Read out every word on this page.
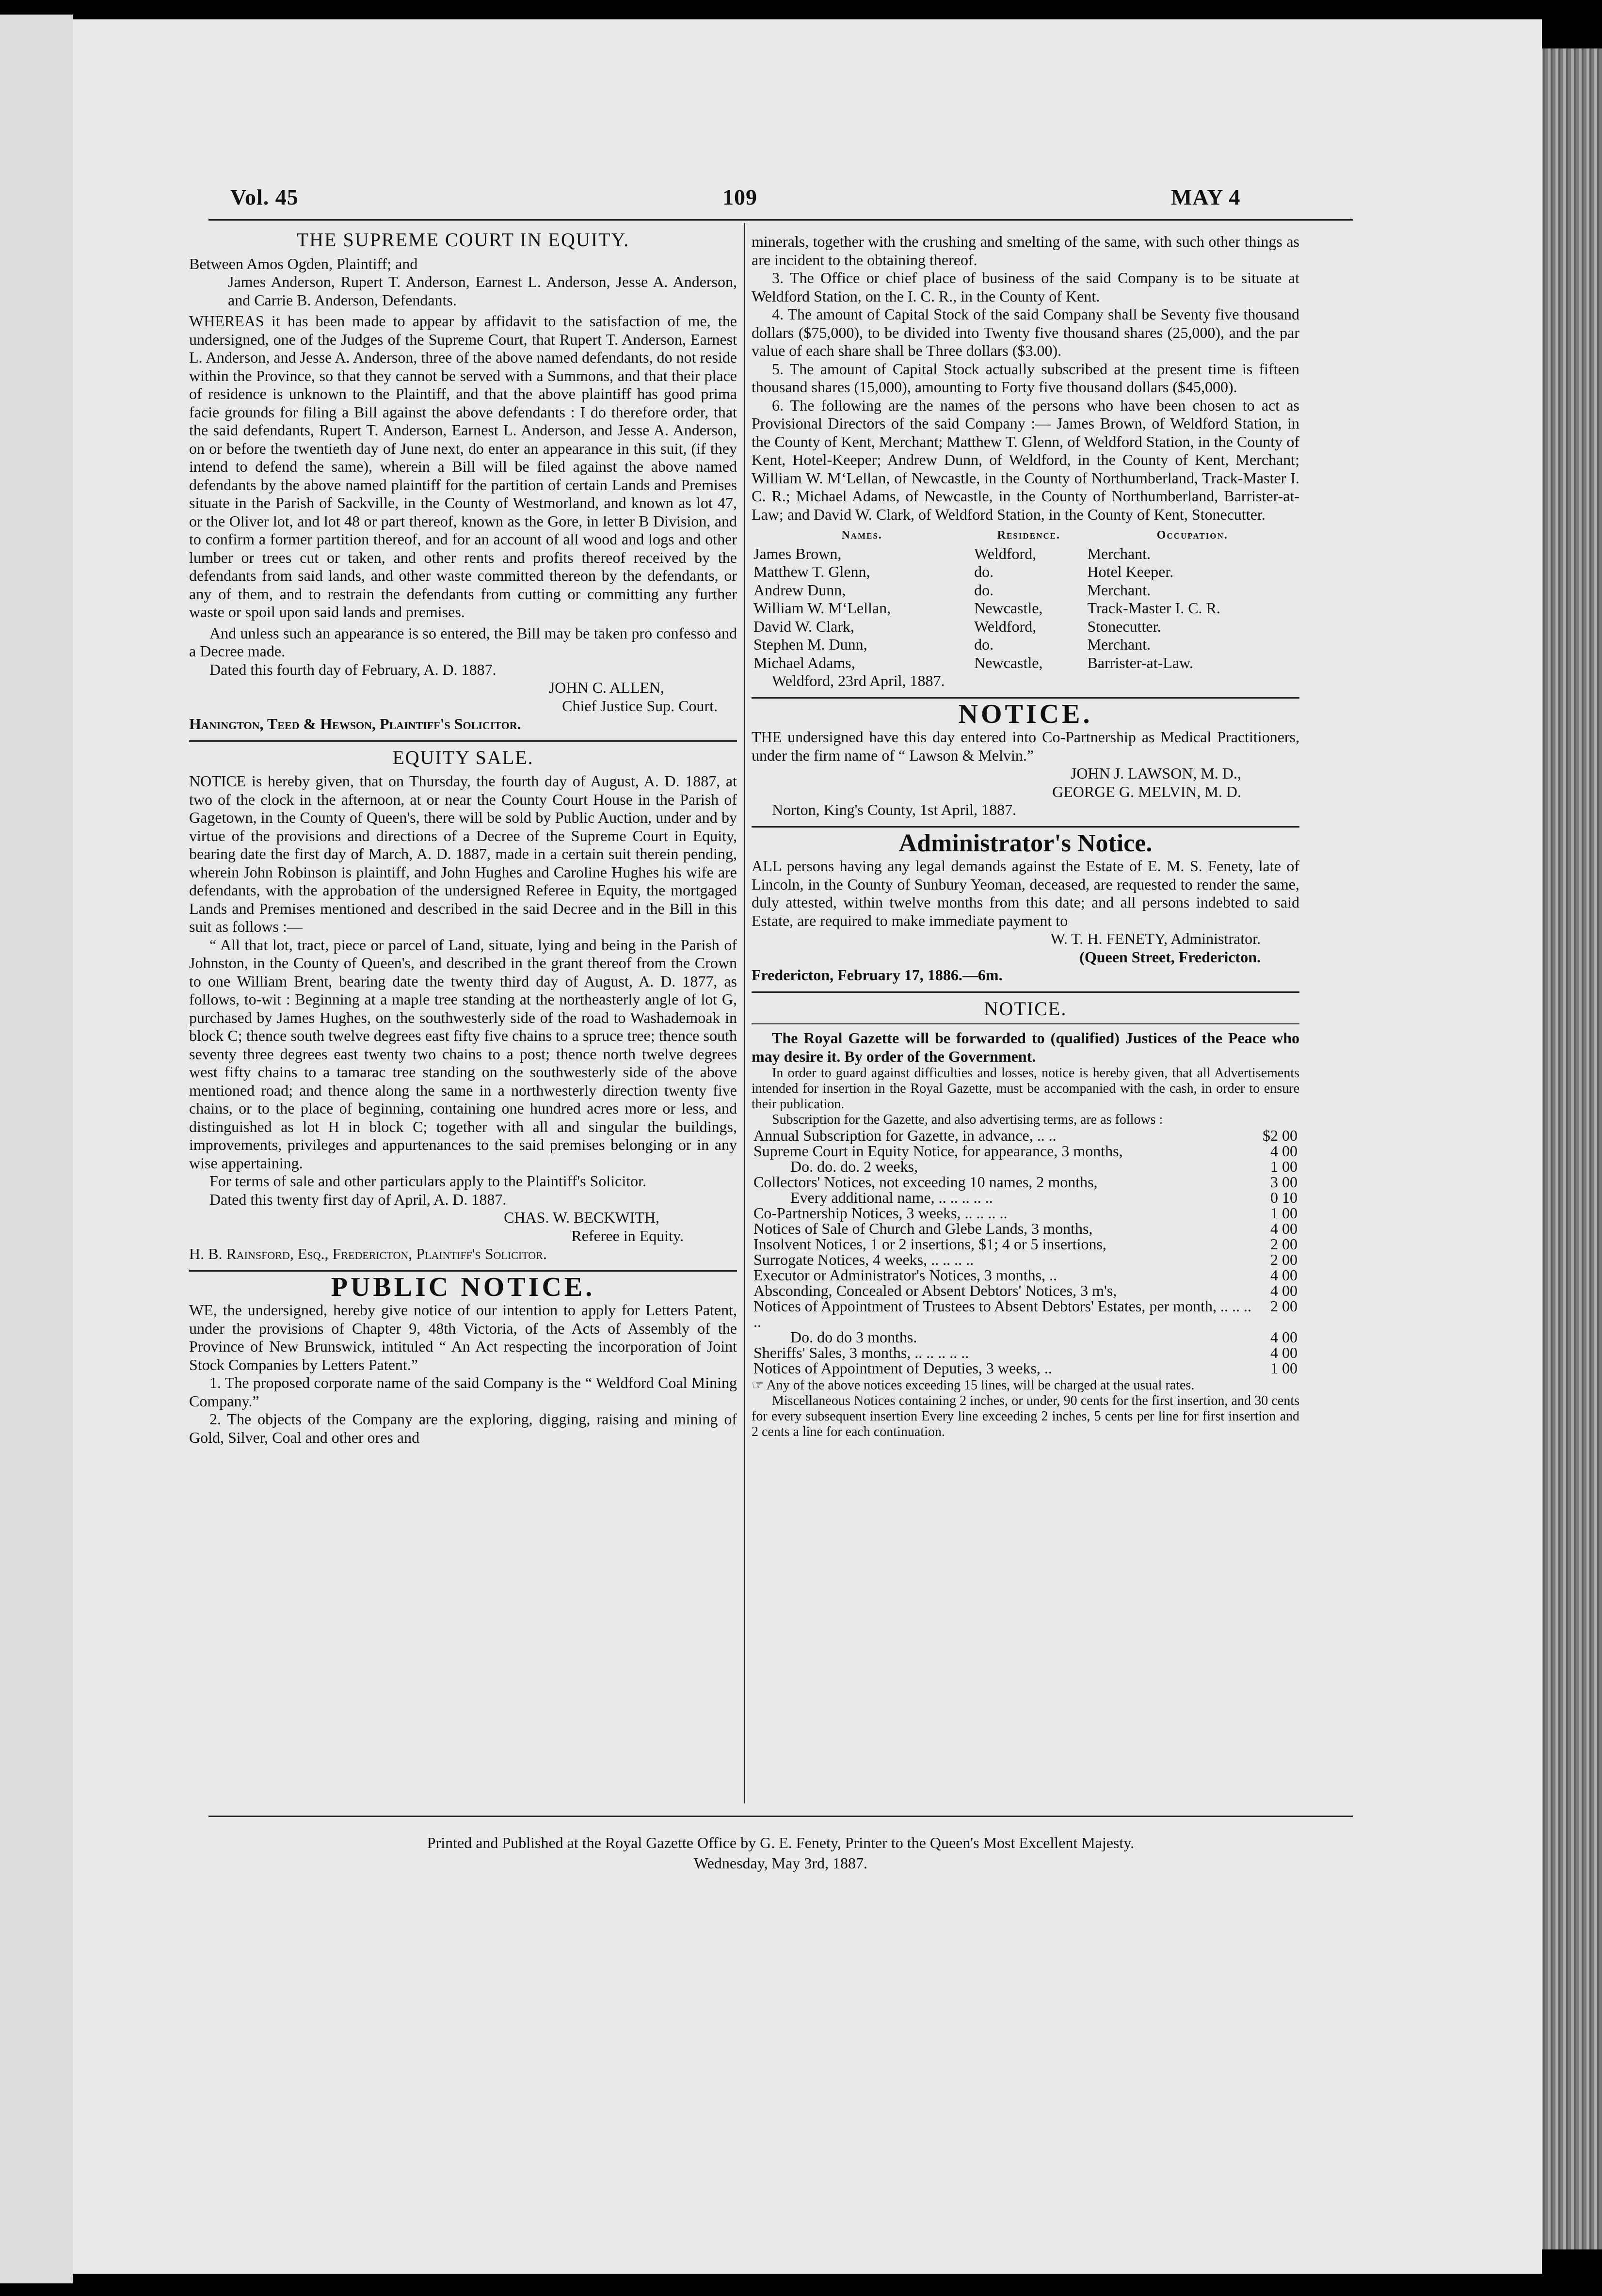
Vol. 45	109	MAY 4
THE SUPREME COURT IN EQUITY.

Between Amos Ogden, Plaintiff; and

James Anderson, Rupert T. Anderson, Earnest L. Anderson, Jesse A. Anderson, and Carrie B. Anderson, Defendants.

WHEREAS it has been made to appear by affidavit to the satisfaction of me, the undersigned, one of the Judges of the Supreme Court, that Rupert T. Anderson, Earnest L. Anderson, and Jesse A. Anderson, three of the above named defendants, do not reside within the Province, so that they cannot be served with a Summons, and that their place of residence is unknown to the Plaintiff, and that the above plaintiff has good prima facie grounds for filing a Bill against the above defendants : I do therefore order, that the said defendants, Rupert T. Anderson, Earnest L. Anderson, and Jesse A. Anderson, on or before the twentieth day of June next, do enter an appearance in this suit, (if they intend to defend the same), wherein a Bill will be filed against the above named defendants by the above named plaintiff for the partition of certain Lands and Premises situate in the Parish of Sackville, in the County of Westmorland, and known as lot 47, or the Oliver lot, and lot 48 or part thereof, known as the Gore, in letter B Division, and to confirm a former partition thereof, and for an account of all wood and logs and other lumber or trees cut or taken, and other rents and profits thereof received by the defendants from said lands, and other waste committed thereon by the defendants, or any of them, and to restrain the defendants from cutting or committing any further waste or spoil upon said lands and premises.

And unless such an appearance is so entered, the Bill may be taken pro confesso and a Decree made.

Dated this fourth day of February, A. D. 1887.

JOHN C. ALLEN,
Chief Justice Sup. Court.
Hanington, Teed & Hewson, Plaintiff's Solicitor.
EQUITY SALE.

NOTICE is hereby given, that on Thursday, the fourth day of August, A. D. 1887, at two of the clock in the afternoon, at or near the County Court House in the Parish of Gagetown, in the County of Queen's, there will be sold by Public Auction, under and by virtue of the provisions and directions of a Decree of the Supreme Court in Equity, bearing date the first day of March, A. D. 1887, made in a certain suit therein pending, wherein John Robinson is plaintiff, and John Hughes and Caroline Hughes his wife are defendants, with the approbation of the undersigned Referee in Equity, the mortgaged Lands and Premises mentioned and described in the said Decree and in the Bill in this suit as follows :—

“ All that lot, tract, piece or parcel of Land, situate, lying and being in the Parish of Johnston, in the County of Queen's, and described in the grant thereof from the Crown to one William Brent, bearing date the twenty third day of August, A. D. 1877, as follows, to-wit : Beginning at a maple tree standing at the northeasterly angle of lot G, purchased by James Hughes, on the southwesterly side of the road to Washademoak in block C; thence south twelve degrees east fifty five chains to a spruce tree; thence south seventy three degrees east twenty two chains to a post; thence north twelve degrees west fifty chains to a tamarac tree standing on the southwesterly side of the above mentioned road; and thence along the same in a northwesterly direction twenty five chains, or to the place of beginning, containing one hundred acres more or less, and distinguished as lot H in block C; together with all and singular the buildings, improvements, privileges and appurtenances to the said premises belonging or in any wise appertaining.

For terms of sale and other particulars apply to the Plaintiff's Solicitor.

Dated this twenty first day of April, A. D. 1887.

CHAS. W. BECKWITH,
Referee in Equity.
H. B. Rainsford, Esq., Fredericton, Plaintiff's Solicitor.
PUBLIC NOTICE.

WE, the undersigned, hereby give notice of our intention to apply for Letters Patent, under the provisions of Chapter 9, 48th Victoria, of the Acts of Assembly of the Province of New Brunswick, intituled “ An Act respecting the incorporation of Joint Stock Companies by Letters Patent.”

1. The proposed corporate name of the said Company is the “ Weldford Coal Mining Company.”

2. The objects of the Company are the exploring, digging, raising and mining of Gold, Silver, Coal and other ores and

minerals, together with the crushing and smelting of the same, with such other things as are incident to the obtaining thereof.

3. The Office or chief place of business of the said Company is to be situate at Weldford Station, on the I. C. R., in the County of Kent.

4. The amount of Capital Stock of the said Company shall be Seventy five thousand dollars ($75,000), to be divided into Twenty five thousand shares (25,000), and the par value of each share shall be Three dollars ($3.00).

5. The amount of Capital Stock actually subscribed at the present time is fifteen thousand shares (15,000), amounting to Forty five thousand dollars ($45,000).

6. The following are the names of the persons who have been chosen to act as Provisional Directors of the said Company :— James Brown, of Weldford Station, in the County of Kent, Merchant; Matthew T. Glenn, of Weldford Station, in the County of Kent, Hotel-Keeper; Andrew Dunn, of Weldford, in the County of Kent, Merchant; William W. M‘Lellan, of Newcastle, in the County of Northumberland, Track-Master I. C. R.; Michael Adams, of Newcastle, in the County of Northumberland, Barrister-at-Law; and David W. Clark, of Weldford Station, in the County of Kent, Stonecutter.

Names.	Residence.	Occupation.
James Brown,	Weldford,	Merchant.
Matthew T. Glenn,	do.	Hotel Keeper.
Andrew Dunn,	do.	Merchant.
William W. M‘Lellan,	Newcastle,	Track-Master I. C. R.
David W. Clark,	Weldford,	Stonecutter.
Stephen M. Dunn,	do.	Merchant.
Michael Adams,	Newcastle,	Barrister-at-Law.

Weldford, 23rd April, 1887.

NOTICE.

THE undersigned have this day entered into Co-Partnership as Medical Practitioners, under the firm name of “ Lawson & Melvin.”

JOHN J. LAWSON, M. D.,
GEORGE G. MELVIN, M. D.

Norton, King's County, 1st April, 1887.

Administrator's Notice.

ALL persons having any legal demands against the Estate of E. M. S. Fenety, late of Lincoln, in the County of Sunbury Yeoman, deceased, are requested to render the same, duly attested, within twelve months from this date; and all persons indebted to said Estate, are required to make immediate payment to

W. T. H. FENETY, Administrator.
(Queen Street, Fredericton.
Fredericton, February 17, 1886.—6m.
NOTICE.

The Royal Gazette will be forwarded to (qualified) Justices of the Peace who may desire it. By order of the Government.

In order to guard against difficulties and losses, notice is hereby given, that all Advertisements intended for insertion in the Royal Gazette, must be accompanied with the cash, in order to ensure their publication.

Subscription for the Gazette, and also advertising terms, are as follows :

Annual Subscription for Gazette, in advance, .. ..	$2 00
Supreme Court in Equity Notice, for appearance, 3 months,	4 00
Do. do. do. 2 weeks,	1 00
Collectors' Notices, not exceeding 10 names, 2 months,	3 00
Every additional name, .. .. .. .. ..	0 10
Co-Partnership Notices, 3 weeks, .. .. .. ..	1 00
Notices of Sale of Church and Glebe Lands, 3 months,	4 00
Insolvent Notices, 1 or 2 insertions, $1; 4 or 5 insertions,	2 00
Surrogate Notices, 4 weeks, .. .. .. ..	2 00
Executor or Administrator's Notices, 3 months, ..	4 00
Absconding, Concealed or Absent Debtors' Notices, 3 m's,	4 00
Notices of Appointment of Trustees to Absent Debtors' Estates, per month, .. .. .. ..	2 00
Do. do do 3 months.	4 00
Sheriffs' Sales, 3 months, .. .. .. .. ..	4 00
Notices of Appointment of Deputies, 3 weeks, ..	1 00

☞ Any of the above notices exceeding 15 lines, will be charged at the usual rates.

Miscellaneous Notices containing 2 inches, or under, 90 cents for the first insertion, and 30 cents for every subsequent insertion Every line exceeding 2 inches, 5 cents per line for first insertion and 2 cents a line for each continuation.

Printed and Published at the Royal Gazette Office by G. E. Fenety, Printer to the Queen's Most Excellent Majesty.
Wednesday, May 3rd, 1887.
